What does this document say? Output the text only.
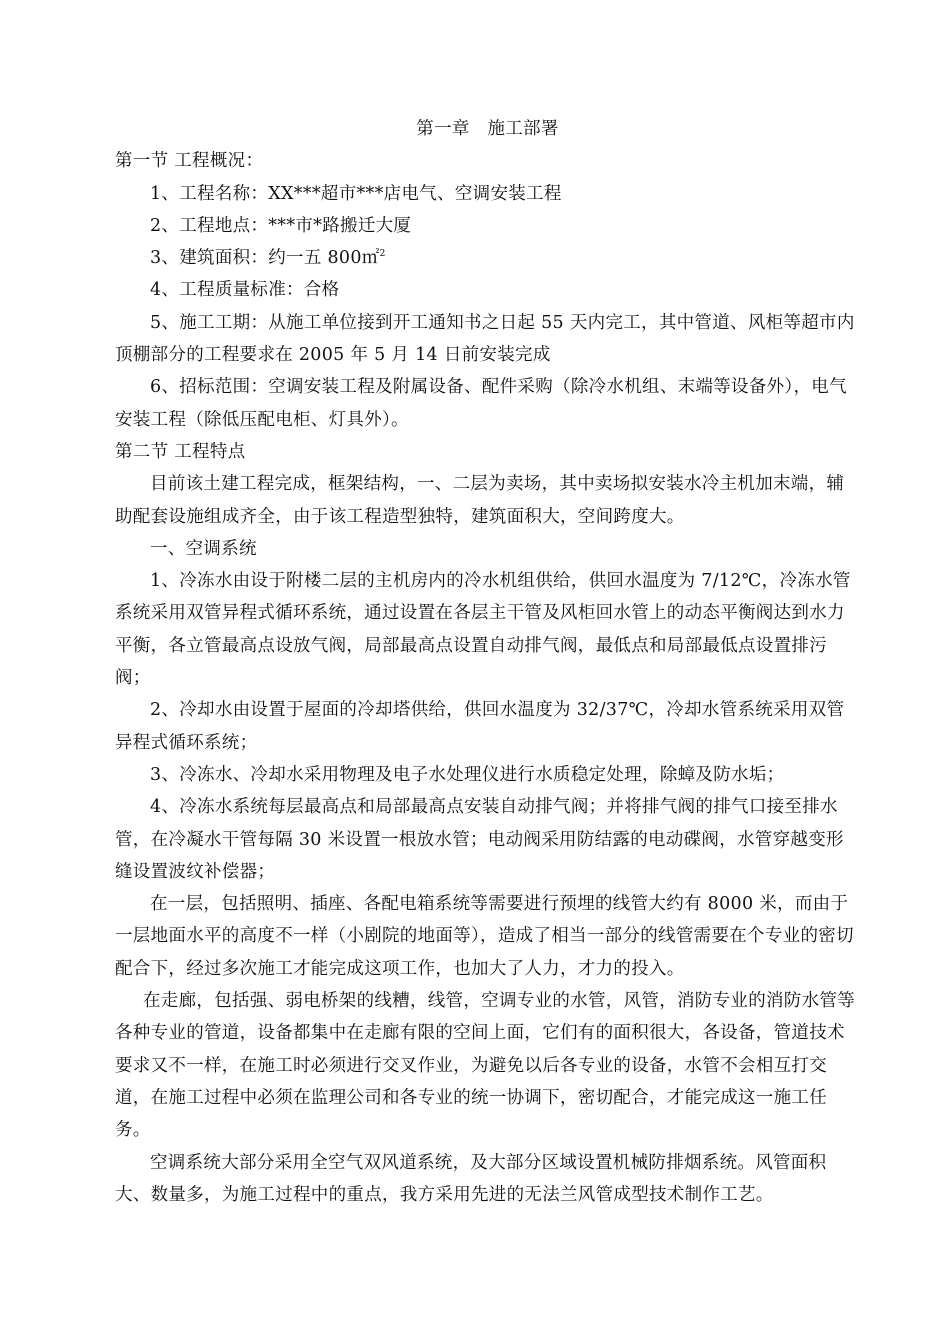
第一章　施工部署

第一节 工程概况：

1、工程名称：XX***超市***店电气、空调安装工程

2、工程地点：***市*路搬迁大厦

3、建筑面积：约一五 800㎡$^2$

4、工程质量标准：合格

5、施工工期：从施工单位接到开工通知书之日起 55 天内完工，其中管道、风柜等超市内顶棚部分的工程要求在 2005 年 5 月 14 日前安装完成

6、招标范围：空调安装工程及附属设备、配件采购（除冷水机组、末端等设备外），电气安装工程（除低压配电柜、灯具外）。

第二节 工程特点

目前该土建工程完成，框架结构，一、二层为卖场，其中卖场拟安装水冷主机加末端，辅助配套设施组成齐全，由于该工程造型独特，建筑面积大，空间跨度大。

一、空调系统

1、冷冻水由设于附楼二层的主机房内的冷水机组供给，供回水温度为 7/12℃，冷冻水管系统采用双管异程式循环系统，通过设置在各层主干管及风柜回水管上的动态平衡阀达到水力平衡，各立管最高点设放气阀，局部最高点设置自动排气阀，最低点和局部最低点设置排污阀；

2、冷却水由设置于屋面的冷却塔供给，供回水温度为 32/37℃，冷却水管系统采用双管异程式循环系统；

3、冷冻水、冷却水采用物理及电子水处理仪进行水质稳定处理，除蟑及防水垢；

4、冷冻水系统每层最高点和局部最高点安装自动排气阀；并将排气阀的排气口接至排水管，在冷凝水干管每隔 30 米设置一根放水管；电动阀采用防结露的电动碟阀，水管穿越变形缝设置波纹补偿器；

在一层，包括照明、插座、各配电箱系统等需要进行预埋的线管大约有 8000 米，而由于一层地面水平的高度不一样（小剧院的地面等），造成了相当一部分的线管需要在个专业的密切配合下，经过多次施工才能完成这项工作，也加大了人力，才力的投入。

在走廊，包括强、弱电桥架的线糟，线管，空调专业的水管，风管，消防专业的消防水管等各种专业的管道，设备都集中在走廊有限的空间上面，它们有的面积很大，各设备，管道技术要求又不一样，在施工时必须进行交叉作业，为避免以后各专业的设备，水管不会相互打交道，在施工过程中必须在监理公司和各专业的统一协调下，密切配合，才能完成这一施工任务。

空调系统大部分采用全空气双风道系统，及大部分区域设置机械防排烟系统。风管面积大、数量多，为施工过程中的重点，我方采用先进的无法兰风管成型技术制作工艺。
